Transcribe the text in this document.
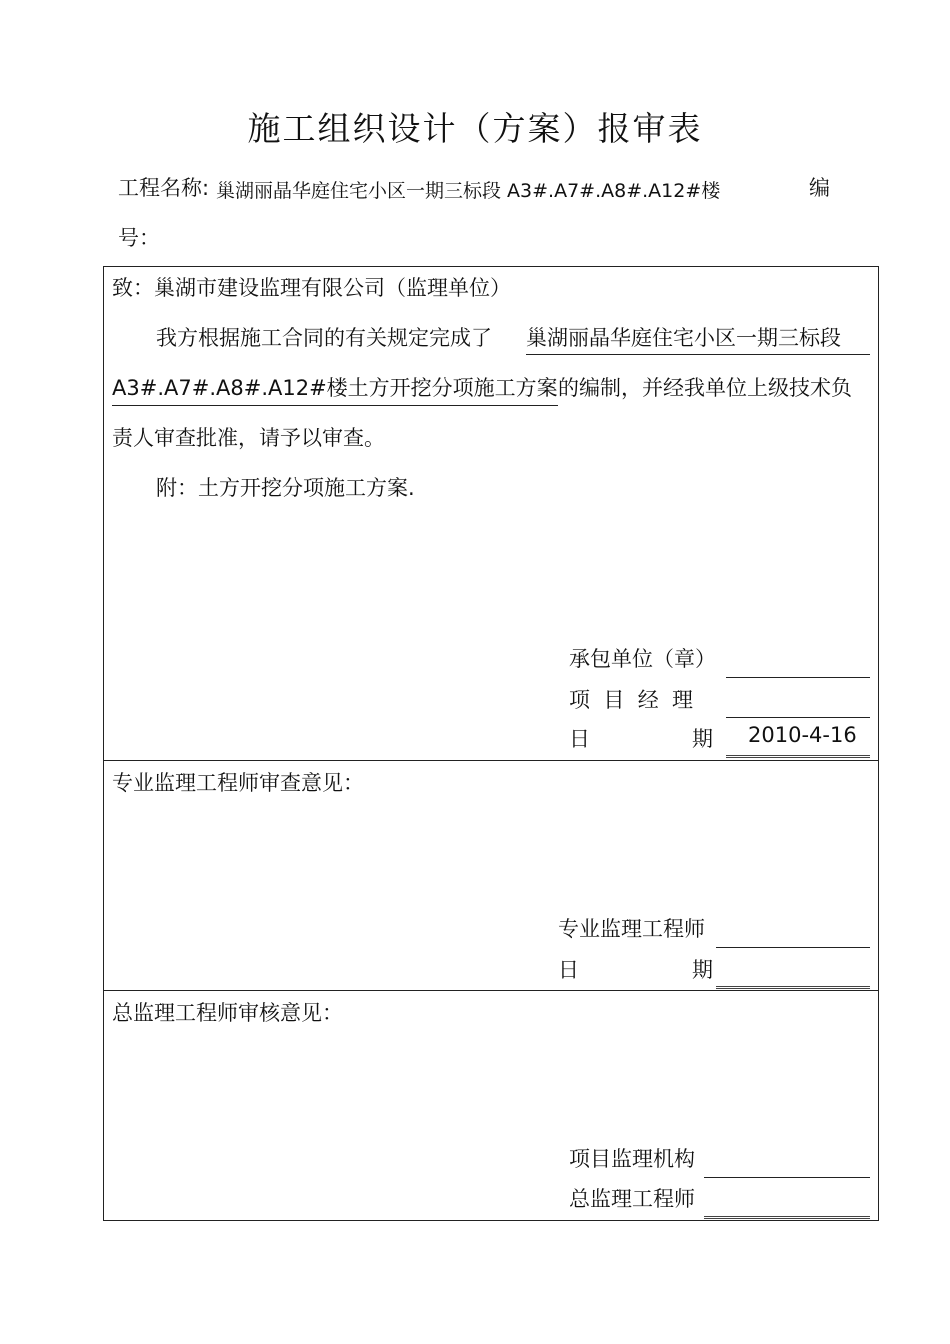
施工组织设计（方案）报审表
工程名称: 巢湖丽晶华庭住宅小区一期三标段 A3#.A7#.A8#.A12#楼	编
号：
致：巢湖市建设监理有限公司（监理单位）
我方根据施工合同的有关规定完成了 巢湖丽晶华庭住宅小区一期三标段
A3#.A7#.A8#.A12#楼土方开挖分项施工方案 的编制，并经我单位上级技术负
责人审查批准，请予以审查。
附：土方开挖分项施工方案.
承包单位（章）
项  目  经  理
日	期 2010-4-16
专业监理工程师审查意见：
专业监理工程师
日	期
总监理工程师审核意见：
项目监理机构
总监理工程师
